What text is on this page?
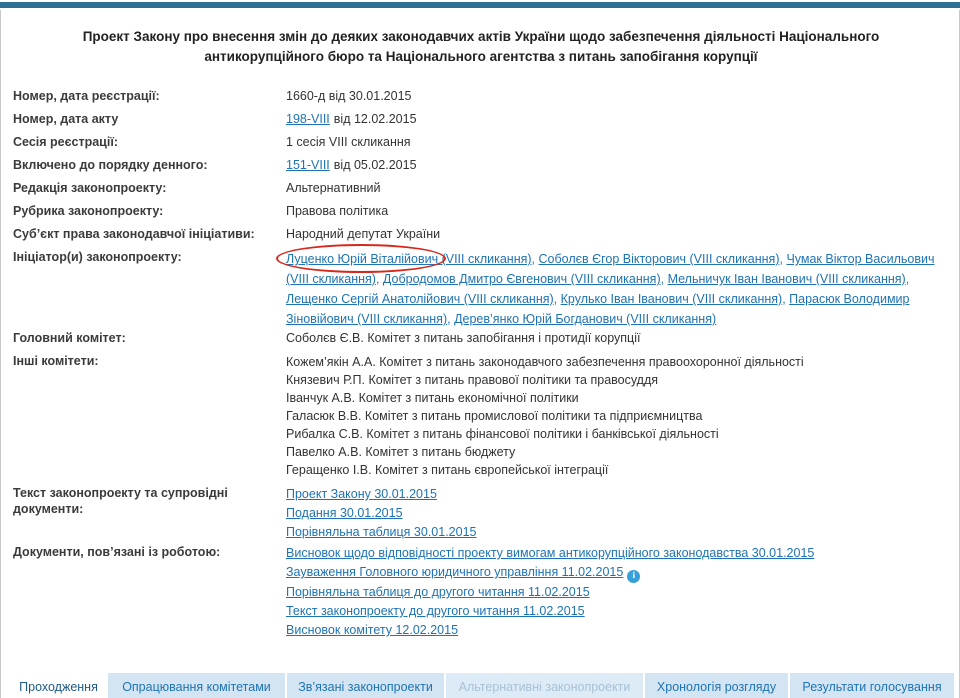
Проект Закону про внесення змін до деяких законодавчих актів України щодо забезпечення діяльності Національного антикорупційного бюро та Національного агентства з питань запобігання корупції
Номер, дата реєстрації:	1660-д від 30.01.2015
Номер, дата акту	198-VIII від 12.02.2015
Сесія реєстрації:	1 сесія VIII скликання
Включено до порядку денного:	151-VIII від 05.02.2015
Редакція законопроекту:	Альтернативний
Рубрика законопроекту:	Правова політика
Суб’єкт права законодавчої ініціативи:	Народний депутат України
Ініціатор(и) законопроекту:	Луценко Юрій Віталійович
(VIII скликання) , Соболєв Єгор Вікторович (VIII скликання) , Чумак Віктор Васильович (VIII скликання) , Добродомов Дмитро Євгенович (VIII скликання) , Мельничук Іван Іванович (VIII скликання) , Лещенко Сергій Анатолійович (VIII скликання) , Крулько Іван Іванович (VIII скликання) , Парасюк Володимир Зіновійович (VIII скликання) , Дерев’янко Юрій Богданович (VIII скликання)
Головний комітет:	Соболєв Є.В. Комітет з питань запобігання і протидії корупції
Інші комітети:	Кожем’якін А.А. Комітет з питань законодавчого забезпечення правоохоронної діяльності
Князевич Р.П. Комітет з питань правової політики та правосуддя
Іванчук А.В. Комітет з питань економічної політики
Галасюк В.В. Комітет з питань промислової політики та підприємництва
Рибалка С.В. Комітет з питань фінансової політики і банківської діяльності
Павелко А.В. Комітет з питань бюджету
Геращенко І.В. Комітет з питань європейської інтеграції
Текст законопроекту та супровідні документи:
Проект Закону 30.01.2015
Подання 30.01.2015
Порівняльна таблиця 30.01.2015
Документи, пов’язані із роботою:	Висновок щодо відповідності проекту вимогам антикорупційного законодавства 30.01.2015
Зауваження Головного юридичного управління 11.02.2015 i
Порівняльна таблиця до другого читання 11.02.2015
Текст законопроекту до другого читання 11.02.2015
Висновок комітету 12.02.2015
Проходження	Опрацювання комітетами	Зв’язані законопроекти	Альтернативні законопроекти	Хронологія розгляду	Результати голосування
